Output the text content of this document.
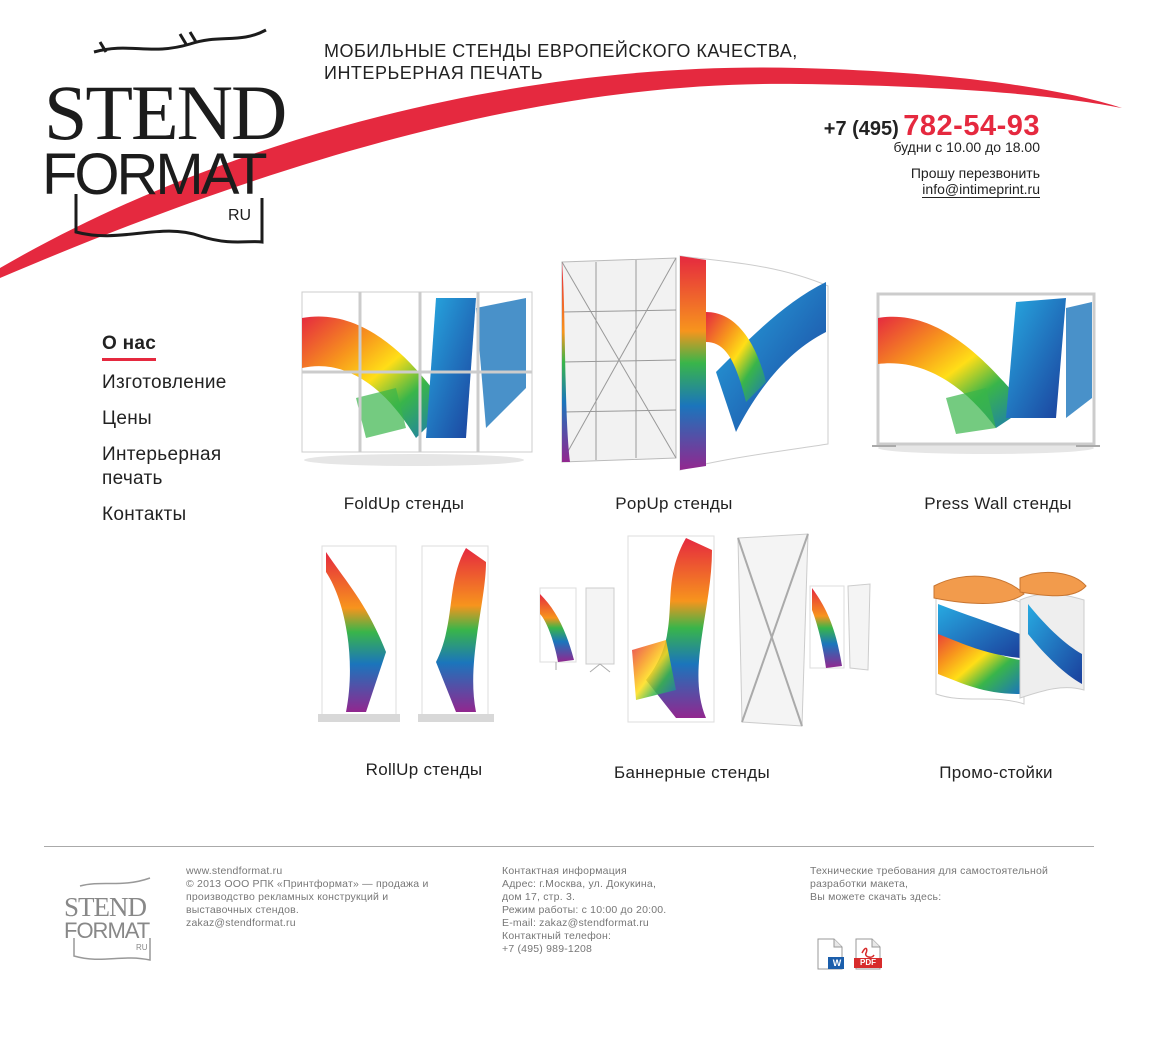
STEND
FORMAT
RU
МОБИЛЬНЫЕ СТЕНДЫ ЕВРОПЕЙСКОГО КАЧЕСТВА,
ИНТЕРЬЕРНАЯ ПЕЧАТЬ
+7 (495) 782-54-93
будни с 10.00 до 18.00
Прошу перезвонить
info@intimeprint.ru
О нас
Изготовление
Цены
Интерьерная печать
Контакты
FoldUp стенды	PopUp стенды	Press Wall стенды
RollUp стенды	Баннерные стенды	Промо-стойки
STEND
FORMAT
RU
www.stendformat.ru
© 2013 ООО РПК «Принтформат» — продажа и
производство рекламных конструкций и
выставочных стендов.
zakaz@stendformat.ru
Контактная информация
Адрес: г.Москва, ул. Докукина,
дом 17, стр. 3.
Режим работы: с 10:00 до 20:00.
E-mail: zakaz@stendformat.ru
Контактный телефон:
+7 (495) 989-1208
Технические требования для самостоятельной
разработки макета,
Вы можете скачать здесь:
W	PDF
